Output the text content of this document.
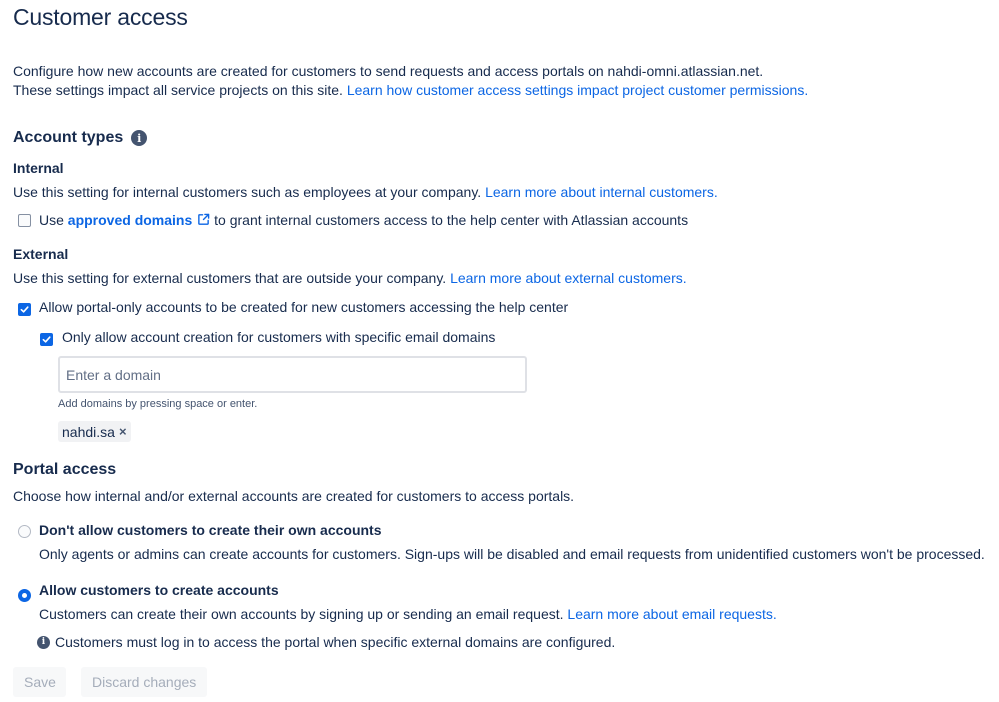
Customer access
Configure how new accounts are created for customers to send requests and access portals on nahdi-omni.atlassian.net.
These settings impact all service projects on this site. Learn how customer access settings impact project customer permissions.
Account types	i
Internal
Use this setting for internal customers such as employees at your company. Learn more about internal customers.
Use approved domains to grant internal customers access to the help center with Atlassian accounts
External
Use this setting for external customers that are outside your company. Learn more about external customers.
Allow portal-only accounts to be created for new customers accessing the help center
Only allow account creation for customers with specific email domains
Enter a domain
Add domains by pressing space or enter.
nahdi.sa ×
Portal access
Choose how internal and/or external accounts are created for customers to access portals.
Don't allow customers to create their own accounts
Only agents or admins can create accounts for customers. Sign-ups will be disabled and email requests from unidentified customers won't be processed.
Allow customers to create accounts
Customers can create their own accounts by signing up or sending an email request. Learn more about email requests.
i Customers must log in to access the portal when specific external domains are configured.
Save	Discard changes
